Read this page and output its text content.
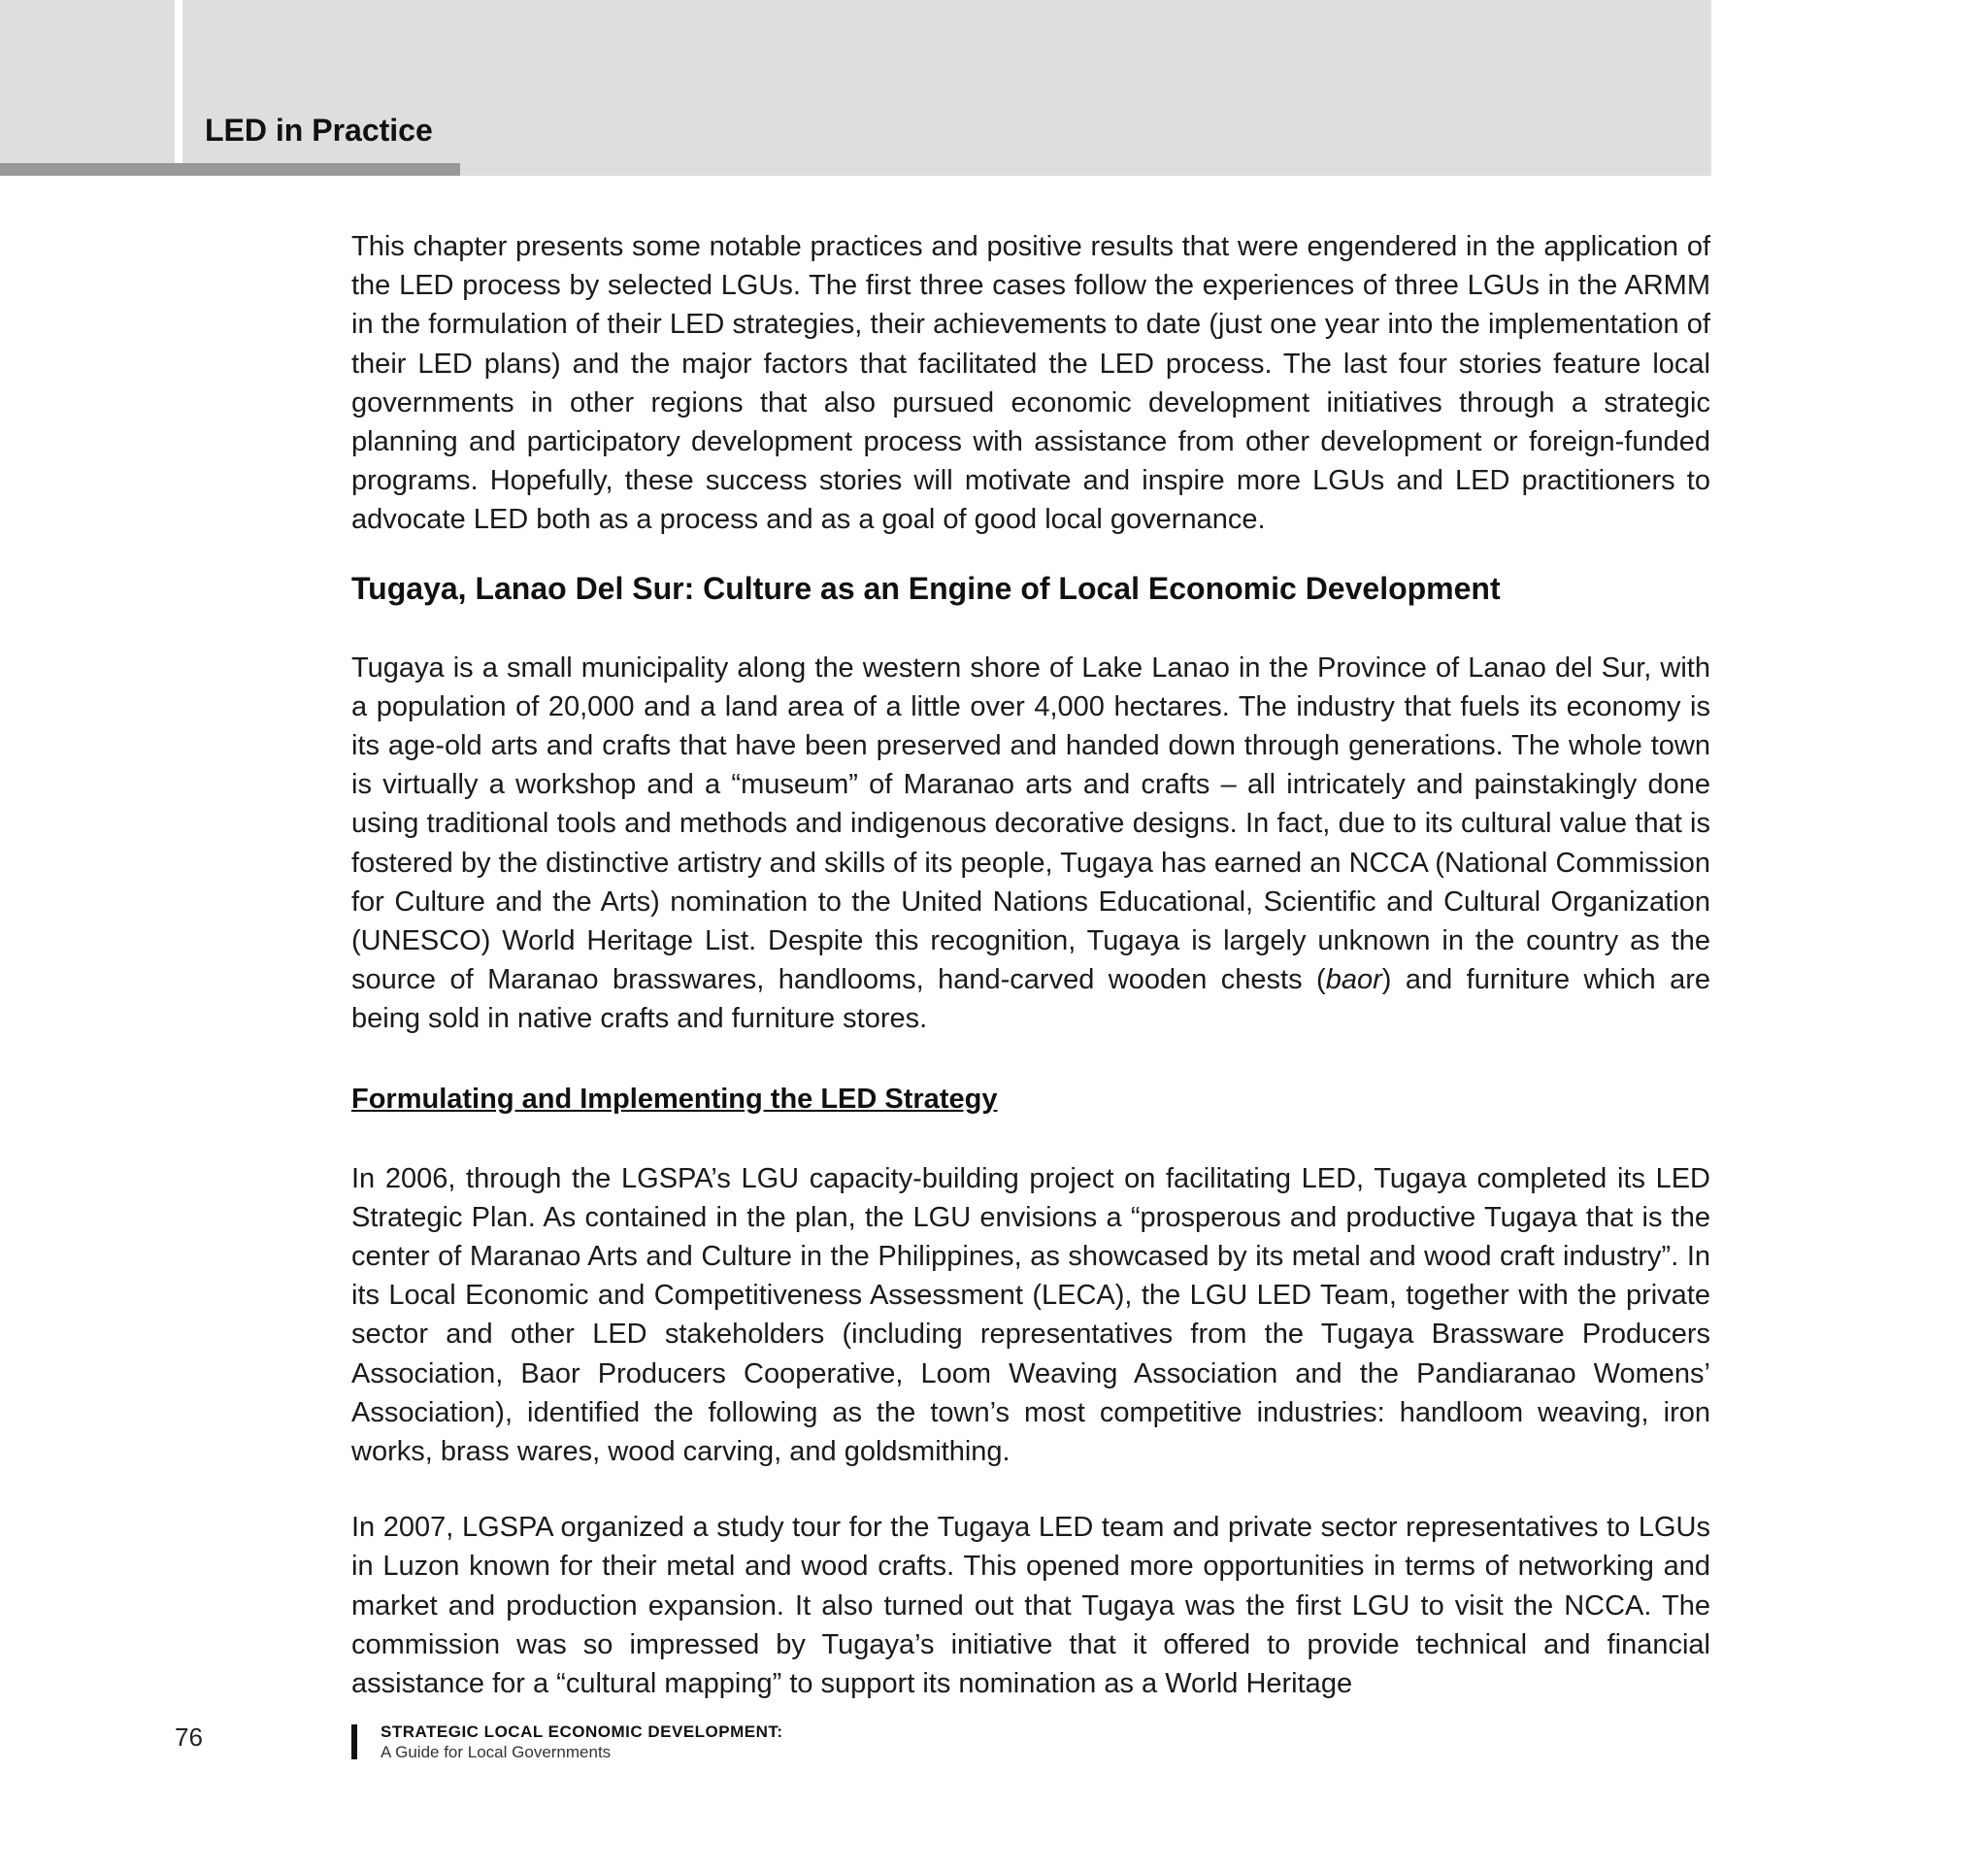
LED in Practice

This chapter presents some notable practices and positive results that were engendered in the application of the LED process by selected LGUs. The first three cases follow the experiences of three LGUs in the ARMM in the formulation of their LED strategies, their achievements to date (just one year into the implementation of their LED plans) and the major factors that facilitated the LED process. The last four stories feature local governments in other regions that also pursued economic development initiatives through a strategic planning and participatory development process with assistance from other development or foreign-funded programs. Hopefully, these success stories will motivate and inspire more LGUs and LED practitioners to advocate LED both as a process and as a goal of good local governance.

Tugaya, Lanao Del Sur: Culture as an Engine of Local Economic Development

Tugaya is a small municipality along the western shore of Lake Lanao in the Province of Lanao del Sur, with a population of 20,000 and a land area of a little over 4,000 hectares. The industry that fuels its economy is its age-old arts and crafts that have been preserved and handed down through generations. The whole town is virtually a workshop and a “museum” of Maranao arts and crafts – all intricately and painstakingly done using traditional tools and methods and indigenous decorative designs. In fact, due to its cultural value that is fostered by the distinctive artistry and skills of its people, Tugaya has earned an NCCA (National Commission for Culture and the Arts) nomination to the United Nations Educational, Scientific and Cultural Organization (UNESCO) World Heritage List. Despite this recognition, Tugaya is largely unknown in the country as the source of Maranao brasswares, handlooms, hand-carved wooden chests (baor) and furniture which are being sold in native crafts and furniture stores.

Formulating and Implementing the LED Strategy

In 2006, through the LGSPA’s LGU capacity-building project on facilitating LED, Tugaya completed its LED Strategic Plan. As contained in the plan, the LGU envisions a “prosperous and productive Tugaya that is the center of Maranao Arts and Culture in the Philippines, as showcased by its metal and wood craft industry”. In its Local Economic and Competitiveness Assessment (LECA), the LGU LED Team, together with the private sector and other LED stakeholders (including representatives from the Tugaya Brassware Producers Association, Baor Producers Cooperative, Loom Weaving Association and the Pandiaranao Womens’ Association), identified the following as the town’s most competitive industries: handloom weaving, iron works, brass wares, wood carving, and goldsmithing.

In 2007, LGSPA organized a study tour for the Tugaya LED team and private sector representatives to LGUs in Luzon known for their metal and wood crafts. This opened more opportunities in terms of networking and market and production expansion. It also turned out that Tugaya was the first LGU to visit the NCCA. The commission was so impressed by Tugaya’s initiative that it offered to provide technical and financial assistance for a “cultural mapping” to support its nomination as a World Heritage

76	STRATEGIC LOCAL ECONOMIC DEVELOPMENT:
A Guide for Local Governments
